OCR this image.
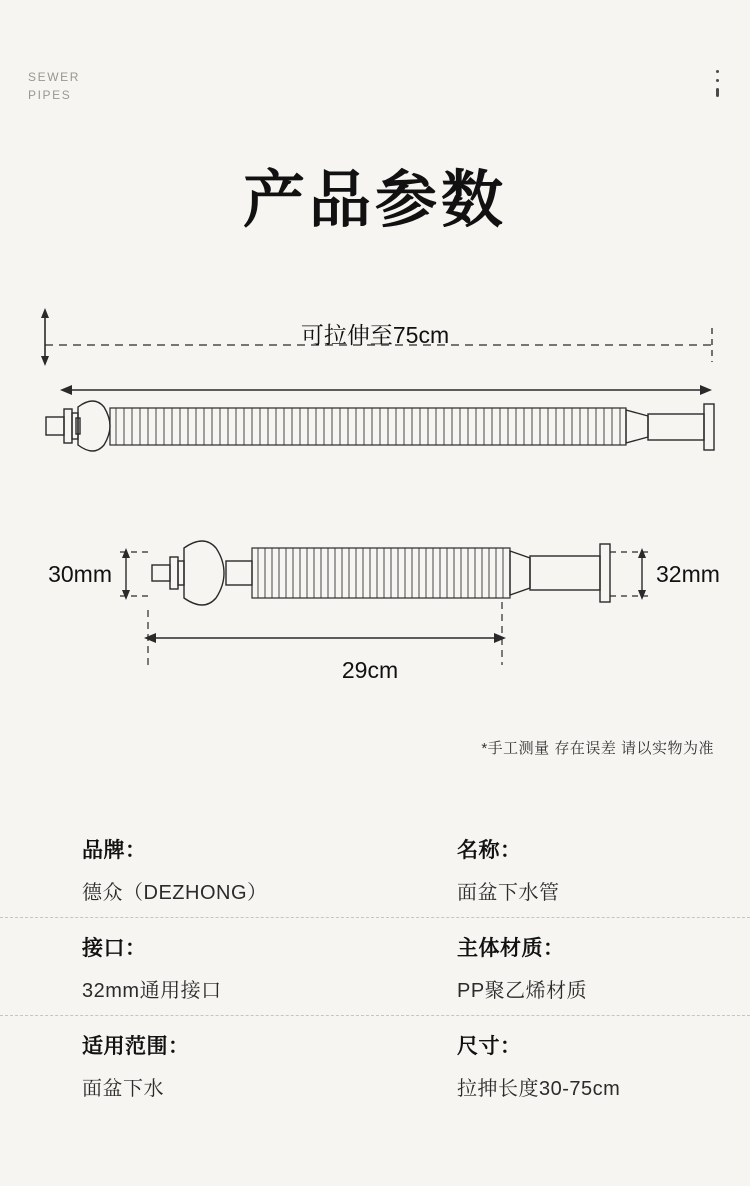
SEWER
PIPES
产品参数
可拉伸至75cm
30mm	32mm
29cm
*手工测量 存在误差 请以实物为准
品牌：
德众（DEZHONG）
名称：
面盆下水管
接口：
32mm通用接口
主体材质：
PP聚乙烯材质
适用范围：
面盆下水
尺寸：
拉抻长度30-75cm
